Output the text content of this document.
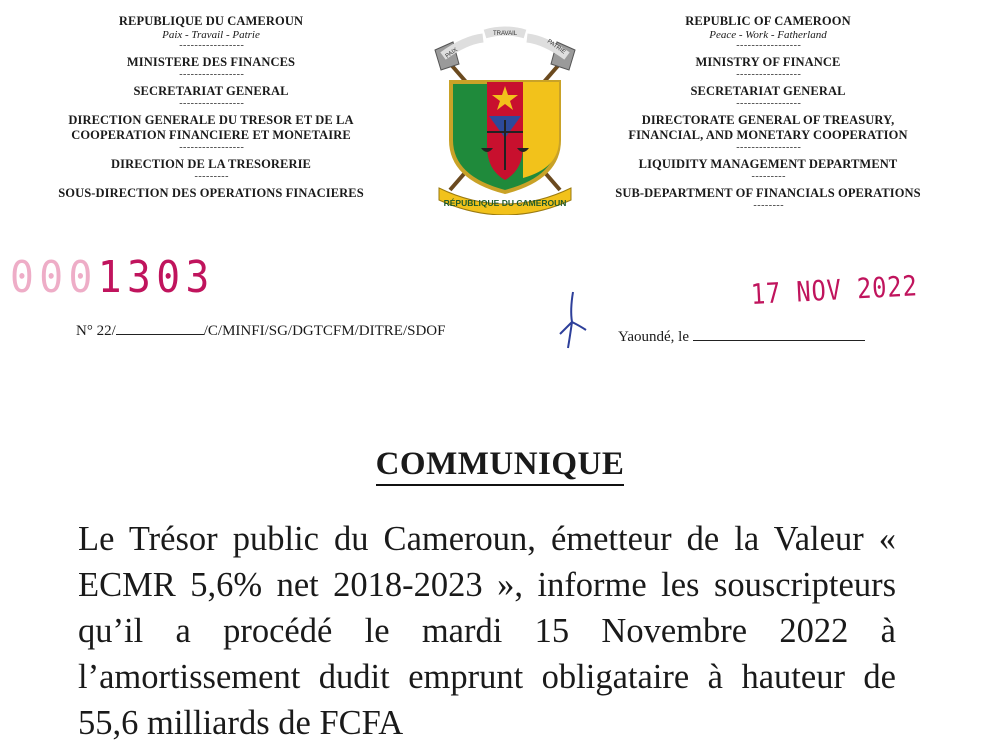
REPUBLIQUE DU CAMEROUN
Paix - Travail - Patrie
- - - - - - - - - - - - - - - - -
MINISTERE DES FINANCES
- - - - - - - - - - - - - - - - -
SECRETARIAT GENERAL
- - - - - - - - - - - - - - - - -
DIRECTION GENERALE DU TRESOR ET DE LA
COOPERATION FINANCIERE ET MONETAIRE
- - - - - - - - - - - - - - - - -
DIRECTION DE LA TRESORERIE
- - - - - - - - -
SOUS-DIRECTION DES OPERATIONS FINACIERES
REPUBLIC OF CAMEROON
Peace - Work - Fatherland
- - - - - - - - - - - - - - - - -
MINISTRY OF FINANCE
- - - - - - - - - - - - - - - - -
SECRETARIAT GENERAL
- - - - - - - - - - - - - - - - -
DIRECTORATE GENERAL OF TREASURY,
FINANCIAL, AND MONETARY COOPERATION
- - - - - - - - - - - - - - - - -
LIQUIDITY MANAGEMENT DEPARTMENT
- - - - - - - - -
SUB-DEPARTMENT OF FINANCIALS OPERATIONS
- - - - - - - -
PAIX
TRAVAIL
PATRIE
RÉPUBLIQUE DU CAMEROUN
0001303
N° 22/	/C/MINFI/SG/DGTCFM/DITRE/SDOF	Yaoundé, le
17 NOV 2022
COMMUNIQUE

Le Trésor public du Cameroun, émetteur de la Valeur « ECMR 5,6% net 2018-2023 », informe les souscripteurs qu’il a procédé le mardi 15 Novembre 2022 à l’amortissement dudit emprunt obligataire à hauteur de 55,6 milliards de FCFA
